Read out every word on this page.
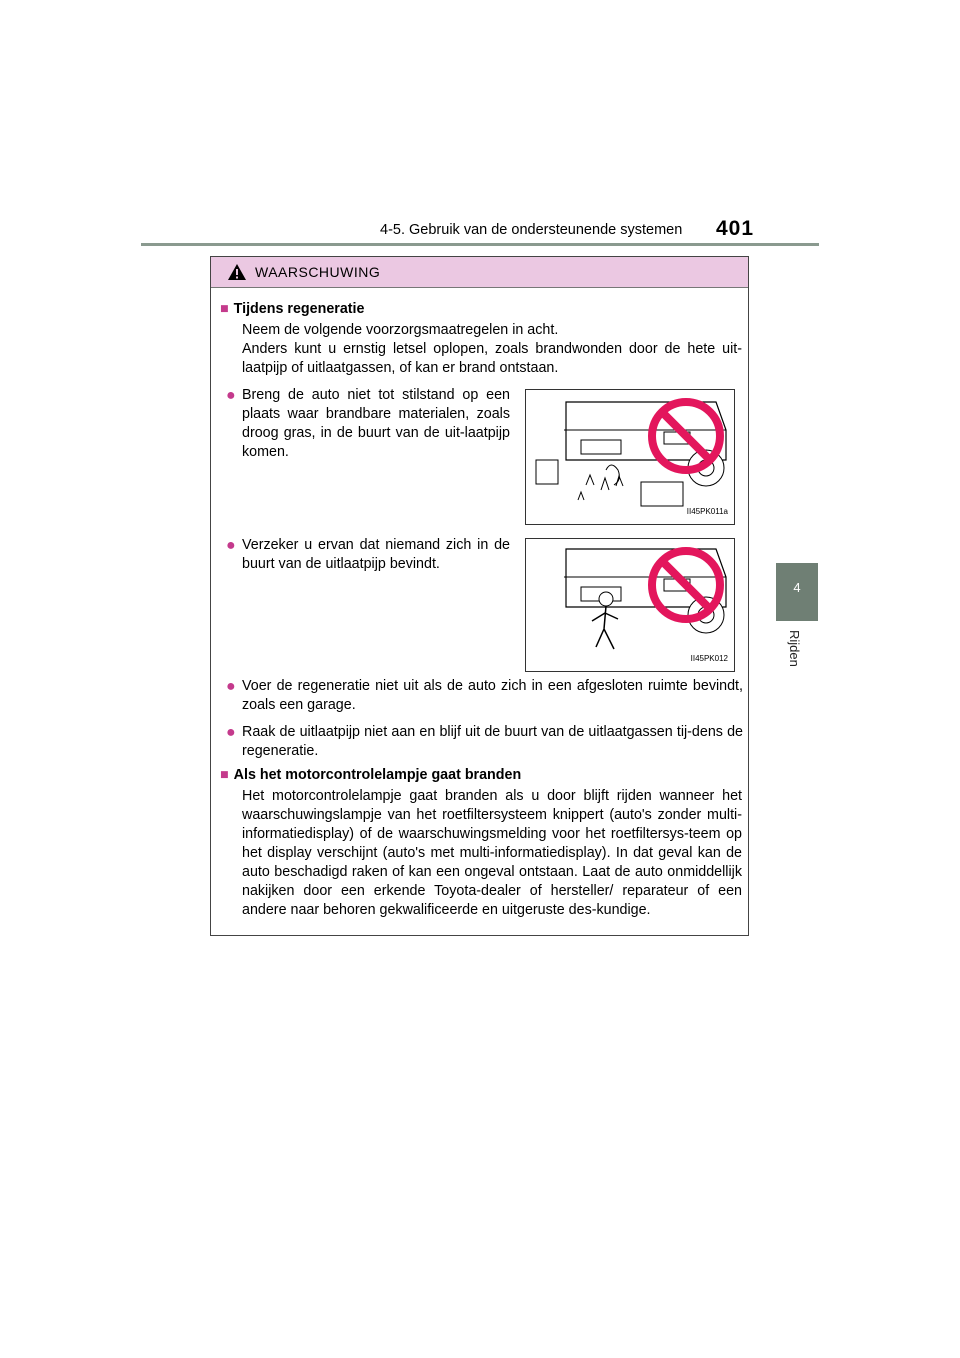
4-5. Gebruik van de ondersteunende systemen 401
4
Rijden
WAARSCHUWING
■ Tijdens regeneratie
Neem de volgende voorzorgsmaatregelen in acht.
Anders kunt u ernstig letsel oplopen, zoals brandwonden door de hete uit-laatpijp of uitlaatgassen, of kan er brand ontstaan.
● Breng de auto niet tot stilstand op een plaats waar brandbare materialen, zoals droog gras, in de buurt van de uit-laatpijp komen.
II45PK011a
● Verzeker u ervan dat niemand zich in de buurt van de uitlaatpijp bevindt.
II45PK012
● Voer de regeneratie niet uit als de auto zich in een afgesloten ruimte bevindt, zoals een garage.
● Raak de uitlaatpijp niet aan en blijf uit de buurt van de uitlaatgassen tij-dens de regeneratie.
■ Als het motorcontrolelampje gaat branden
Het motorcontrolelampje gaat branden als u door blijft rijden wanneer het waarschuwingslampje van het roetfiltersysteem knippert (auto's zonder multi-informatiedisplay) of de waarschuwingsmelding voor het roetfiltersys-teem op het display verschijnt (auto's met multi-informatiedisplay). In dat geval kan de auto beschadigd raken of kan een ongeval ontstaan. Laat de auto onmiddellijk nakijken door een erkende Toyota-dealer of hersteller/ reparateur of een andere naar behoren gekwalificeerde en uitgeruste des-kundige.
